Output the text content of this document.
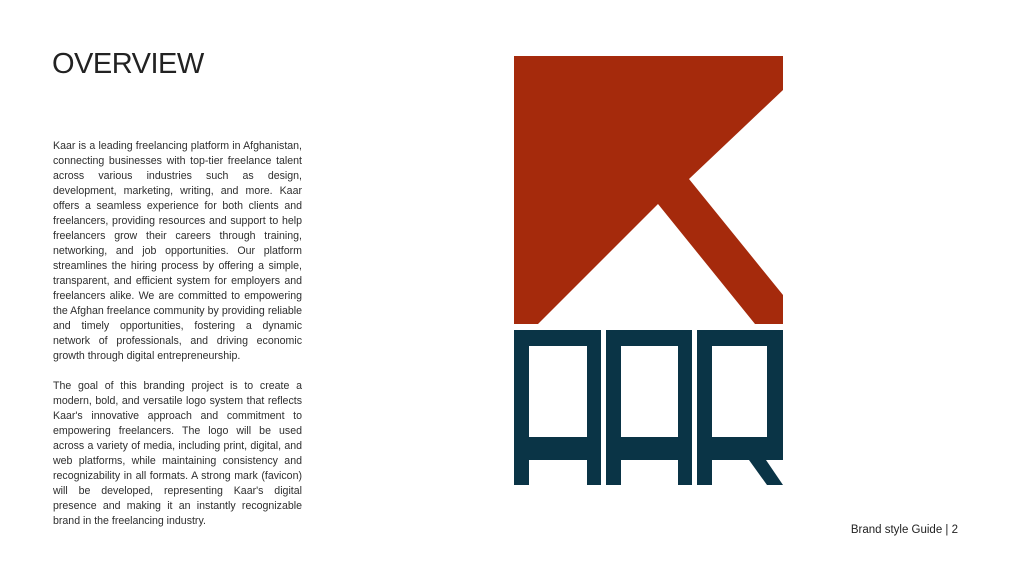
OVERVIEW

Kaar is a leading freelancing platform in Afghanistan, connecting businesses with top-tier freelance talent across various industries such as design, development, marketing, writing, and more. Kaar offers a seamless experience for both clients and freelancers, providing resources and support to help freelancers grow their careers through training, networking, and job opportunities. Our platform streamlines the hiring process by offering a simple, transparent, and efficient system for employers and freelancers alike. We are committed to empowering the Afghan freelance community by providing reliable and timely opportunities, fostering a dynamic network of professionals, and driving economic growth through digital entrepreneurship.

The goal of this branding project is to create a modern, bold, and versatile logo system that reflects Kaar's innovative approach and commitment to empowering freelancers. The logo will be used across a variety of media, including print, digital, and web platforms, while maintaining consistency and recognizability in all formats. A strong mark (favicon) will be developed, representing Kaar's digital presence and making it an instantly recognizable brand in the freelancing industry.

Brand style Guide | 2
